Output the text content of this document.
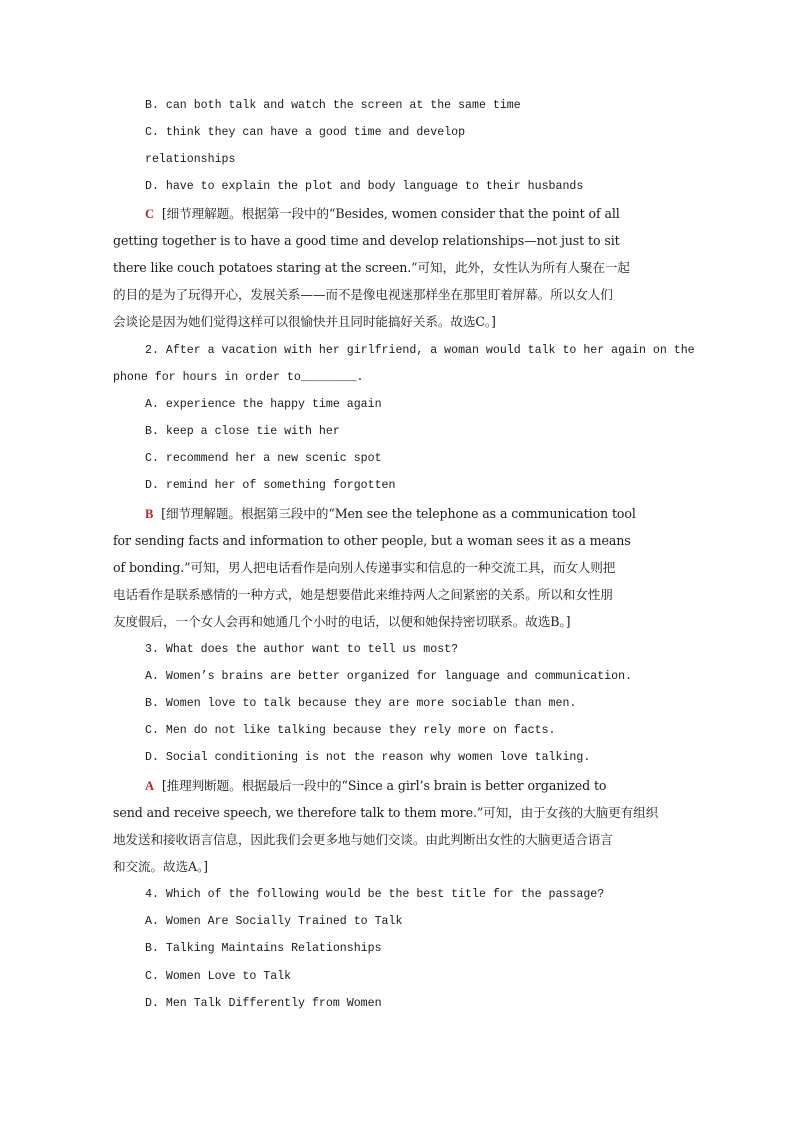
B. can both talk and watch the screen at the same time
C. think they can have a good time and develop
relationships
D. have to explain the plot and body language to their husbands
C [细节理解题。根据第一段中的“Besides, women consider that the point of all
getting together is to have a good time and develop relationships—not just to sit
there like couch potatoes staring at the screen.”可知，此外，女性认为所有人聚在一起
的目的是为了玩得开心，发展关系——而不是像电视迷那样坐在那里盯着屏幕。所以女人们
会谈论是因为她们觉得这样可以很愉快并且同时能搞好关系。故选C。]
2. After a vacation with her girlfriend, a woman would talk to her again on the
phone for hours in order to________.
A. experience the happy time again
B. keep a close tie with her
C. recommend her a new scenic spot
D. remind her of something forgotten
B [细节理解题。根据第三段中的“Men see the telephone as a communication tool
for sending facts and information to other people, but a woman sees it as a means
of bonding.”可知，男人把电话看作是向别人传递事实和信息的一种交流工具，而女人则把
电话看作是联系感情的一种方式，她是想要借此来维持两人之间紧密的关系。所以和女性朋
友度假后，一个女人会再和她通几个小时的电话，以便和她保持密切联系。故选B。]
3. What does the author want to tell us most?
A. Women’s brains are better organized for language and communication.
B. Women love to talk because they are more sociable than men.
C. Men do not like talking because they rely more on facts.
D. Social conditioning is not the reason why women love talking.
A [推理判断题。根据最后一段中的“Since a girl’s brain is better organized to
send and receive speech, we therefore talk to them more.”可知，由于女孩的大脑更有组织
地发送和接收语言信息，因此我们会更多地与她们交谈。由此判断出女性的大脑更适合语言
和交流。故选A。]
4. Which of the following would be the best title for the passage?
A. Women Are Socially Trained to Talk
B. Talking Maintains Relationships
C. Women Love to Talk
D. Men Talk Differently from Women
